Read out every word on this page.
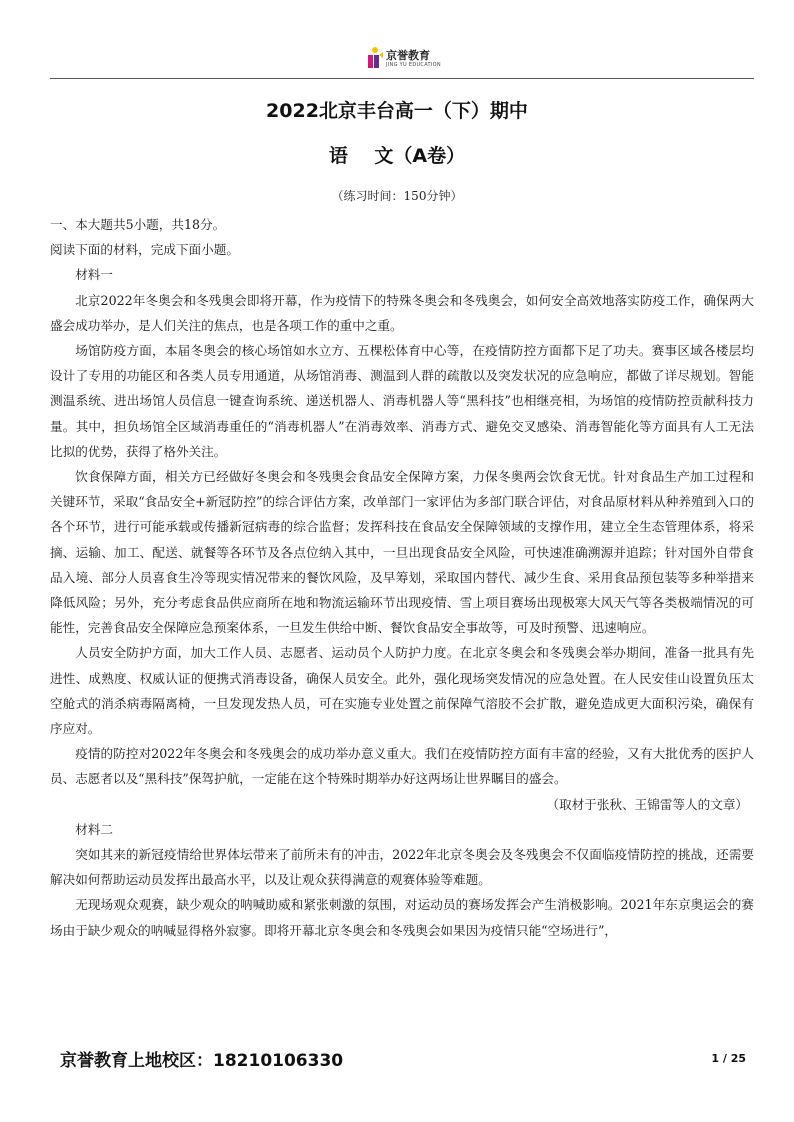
京誉教育
JING YU EDUCATION
2022北京丰台高一（下）期中
语    文（A卷）
（练习时间：150分钟）

一、本大题共5小题，共18分。

阅读下面的材料，完成下面小题。

材料一

北京2022年冬奥会和冬残奥会即将开幕，作为疫情下的特殊冬奥会和冬残奥会，如何安全高效地落实防疫工作，确保两大盛会成功举办，是人们关注的焦点，也是各项工作的重中之重。

场馆防疫方面，本届冬奥会的核心场馆如水立方、五棵松体育中心等，在疫情防控方面都下足了功夫。赛事区域各楼层均设计了专用的功能区和各类人员专用通道，从场馆消毒、测温到人群的疏散以及突发状况的应急响应，都做了详尽规划。智能测温系统、进出场馆人员信息一键查询系统、递送机器人、消毒机器人等“黑科技”也相继亮相，为场馆的疫情防控贡献科技力量。其中，担负场馆全区域消毒重任的“消毒机器人”在消毒效率、消毒方式、避免交叉感染、消毒智能化等方面具有人工无法比拟的优势，获得了格外关注。

饮食保障方面，相关方已经做好冬奥会和冬残奥会食品安全保障方案，力保冬奥两会饮食无忧。针对食品生产加工过程和关键环节，采取“食品安全+新冠防控”的综合评估方案，改单部门一家评估为多部门联合评估，对食品原材料从种养殖到入口的各个环节，进行可能承载或传播新冠病毒的综合监督；发挥科技在食品安全保障领域的支撑作用，建立全生态管理体系，将采摘、运输、加工、配送、就餐等各环节及各点位纳入其中，一旦出现食品安全风险，可快速准确溯源并追踪；针对国外自带食品入境、部分人员喜食生冷等现实情况带来的餐饮风险，及早筹划，采取国内替代、减少生食、采用食品预包装等多种举措来降低风险；另外，充分考虑食品供应商所在地和物流运输环节出现疫情、雪上项目赛场出现极寒大风天气等各类极端情况的可能性，完善食品安全保障应急预案体系，一旦发生供给中断、餐饮食品安全事故等，可及时预警、迅速响应。

人员安全防护方面，加大工作人员、志愿者、运动员个人防护力度。在北京冬奥会和冬残奥会举办期间，准备一批具有先进性、成熟度、权威认证的便携式消毒设备，确保人员安全。此外，强化现场突发情况的应急处置。在人民安佳山设置负压太空舱式的消杀病毒隔离椅，一旦发现发热人员，可在实施专业处置之前保障气溶胶不会扩散，避免造成更大面积污染，确保有序应对。

疫情的防控对2022年冬奥会和冬残奥会的成功举办意义重大。我们在疫情防控方面有丰富的经验，又有大批优秀的医护人员、志愿者以及“黑科技”保驾护航，一定能在这个特殊时期举办好这两场让世界瞩目的盛会。

（取材于张秋、王锦雷等人的文章）

材料二

突如其来的新冠疫情给世界体坛带来了前所未有的冲击，2022年北京冬奥会及冬残奥会不仅面临疫情防控的挑战，还需要解决如何帮助运动员发挥出最高水平，以及让观众获得满意的观赛体验等难题。

无现场观众观赛，缺少观众的呐喊助威和紧张刺激的氛围，对运动员的赛场发挥会产生消极影响。2021年东京奥运会的赛场由于缺少观众的呐喊显得格外寂寥。即将开幕北京冬奥会和冬残奥会如果因为疫情只能“空场进行”，

京誉教育上地校区：18210106330	1 / 25
